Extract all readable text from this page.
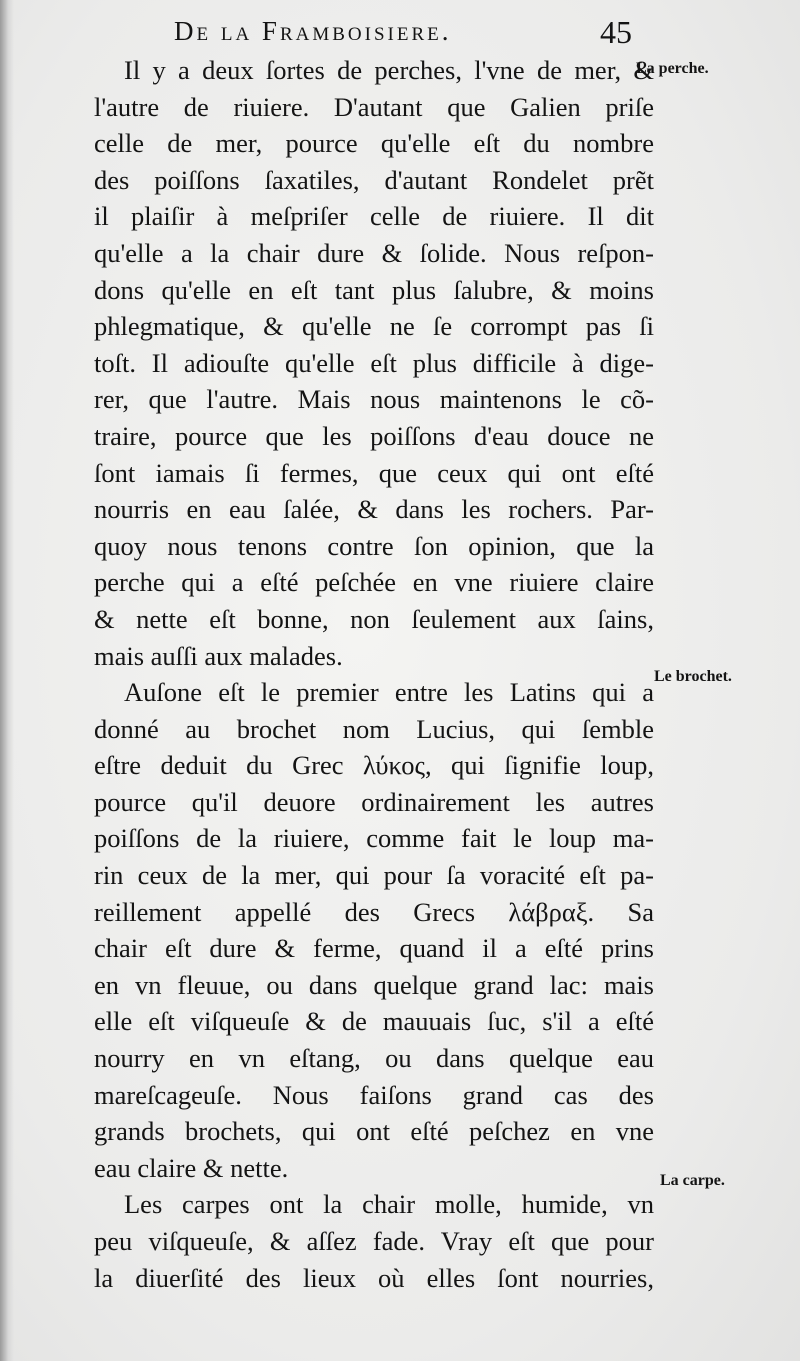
De la Framboisiere.	45
La perche.
Le brochet.
La carpe.
Il y a deux ſortes de perches, l'vne de mer, &
l'autre de riuiere. D'autant que Galien priſe
celle de mer, pource qu'elle eſt du nombre
des poiſſons ſaxatiles, d'autant Rondelet prẽt
il plaiſir à meſpriſer celle de riuiere. Il dit
qu'elle a la chair dure & ſolide. Nous reſpon-
dons qu'elle en eſt tant plus ſalubre, & moins
phlegmatique, & qu'elle ne ſe corrompt pas ſi
toſt. Il adiouſte qu'elle eſt plus difficile à dige-
rer, que l'autre. Mais nous maintenons le cõ-
traire, pource que les poiſſons d'eau douce ne
ſont iamais ſi fermes, que ceux qui ont eſté
nourris en eau ſalée, & dans les rochers. Par-
quoy nous tenons contre ſon opinion, que la
perche qui a eſté peſchée en vne riuiere claire
& nette eſt bonne, non ſeulement aux ſains,
mais auſſi aux malades.
Auſone eſt le premier entre les Latins qui a
donné au brochet nom Lucius, qui ſemble
eſtre deduit du Grec λύκος, qui ſignifie loup,
pource qu'il deuore ordinairement les autres
poiſſons de la riuiere, comme fait le loup ma-
rin ceux de la mer, qui pour ſa voracité eſt pa-
reillement appellé des Grecs λάβραξ. Sa
chair eſt dure & ferme, quand il a eſté prins
en vn fleuue, ou dans quelque grand lac: mais
elle eſt viſqueuſe & de mauuais ſuc, s'il a eſté
nourry en vn eſtang, ou dans quelque eau
mareſcageuſe. Nous faiſons grand cas des
grands brochets, qui ont eſté peſchez en vne
eau claire & nette.
Les carpes ont la chair molle, humide, vn
peu viſqueuſe, & aſſez fade. Vray eſt que pour
la diuerſité des lieux où elles ſont nourries,
